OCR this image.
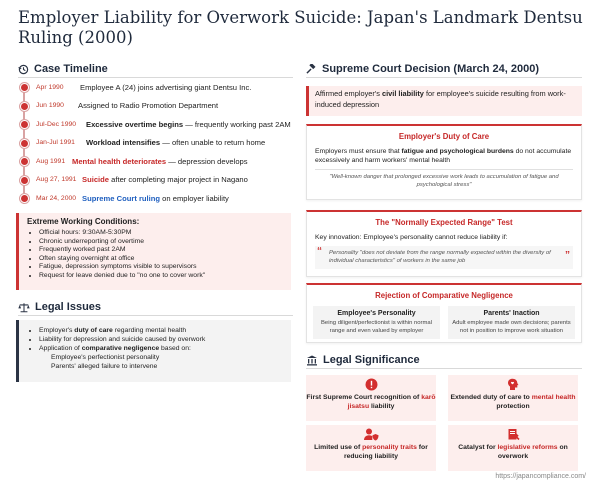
Employer Liability for Overwork Suicide: Japan's Landmark Dentsu Ruling (2000)
Case Timeline
Apr 1990 Employee A (24) joins advertising giant Dentsu Inc.
Jun 1990 Assigned to Radio Promotion Department
Jul-Dec 1990 Excessive overtime begins — frequently working past 2AM
Jan-Jul 1991 Workload intensifies — often unable to return home
Aug 1991 Mental health deteriorates — depression develops
Aug 27, 1991 Suicide after completing major project in Nagano
Mar 24, 2000 Supreme Court ruling on employer liability
Extreme Working Conditions:
• Official hours: 9:30AM-5:30PM
• Chronic underreporting of overtime
• Frequently worked past 2AM
• Often staying overnight at office
• Fatigue, depression symptoms visible to supervisors
• Request for leave denied due to "no one to cover work"
Legal Issues
• Employer's duty of care regarding mental health
• Liability for depression and suicide caused by overwork
• Application of comparative negligence based on:
Employee's perfectionist personality
Parents' alleged failure to intervene
Supreme Court Decision (March 24, 2000)
Affirmed employer's civil liability for employee's suicide resulting from work-induced depression
Employer's Duty of Care
Employers must ensure that fatigue and psychological burdens do not accumulate excessively and harm workers' mental health
"Well-known danger that prolonged excessive work leads to accumulation of fatigue and psychological stress"
The "Normally Expected Range" Test
Key innovation: Employee's personality cannot reduce liability if:
“ Personality "does not deviate from the range normally expected within the diversity of individual characteristics" of workers in the same job	”
Rejection of Comparative Negligence
Employee's Personality

Being diligent/perfectionist is within normal range and even valued by employer

Parents' Inaction

Adult employee made own decisions; parents not in position to improve work situation

Legal Significance
First Supreme Court recognition of karō jisatsu liability
Extended duty of care to mental health protection
Limited use of personality traits for reducing liability
Catalyst for legislative reforms on overwork
https://japancompliance.com/
